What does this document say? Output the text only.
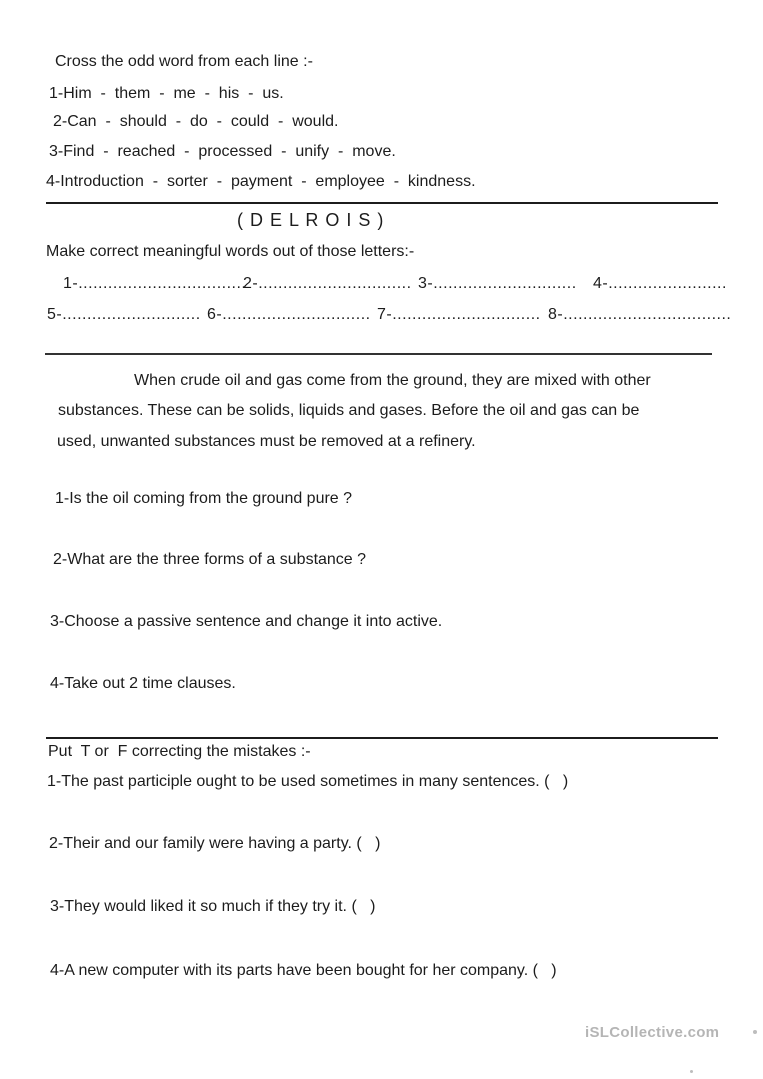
Cross the odd word from each line :-
1-Him  -  them  -  me  -  his  -  us.
2-Can  -  should  -  do  -  could  -  would.
3-Find  -  reached  -  processed  -  unify  -  move.
4-Introduction  -  sorter  -  payment  -  employee  -  kindness.
( D E L R O I S )
Make correct meaningful words out of those letters:-
1-..................................
2-............................... 3-............................. 4-........................
5-............................ 6-.............................. 7-.............................. 8-..................................
When crude oil and gas come from the ground, they are mixed with other
substances. These can be solids, liquids and gases. Before the oil and gas can be
used, unwanted substances must be removed at a refinery.
1-Is the oil coming from the ground pure ?
2-What are the three forms of a substance ?
3-Choose a passive sentence and change it into active.
4-Take out 2 time clauses.
Put  T or  F correcting the mistakes :-
1-The past participle ought to be used sometimes in many sentences. (   )
2-Their and our family were having a party. (   )
3-They would liked it so much if they try it. (   )
4-A new computer with its parts have been bought for her company. (   )
iSLCollective.com
